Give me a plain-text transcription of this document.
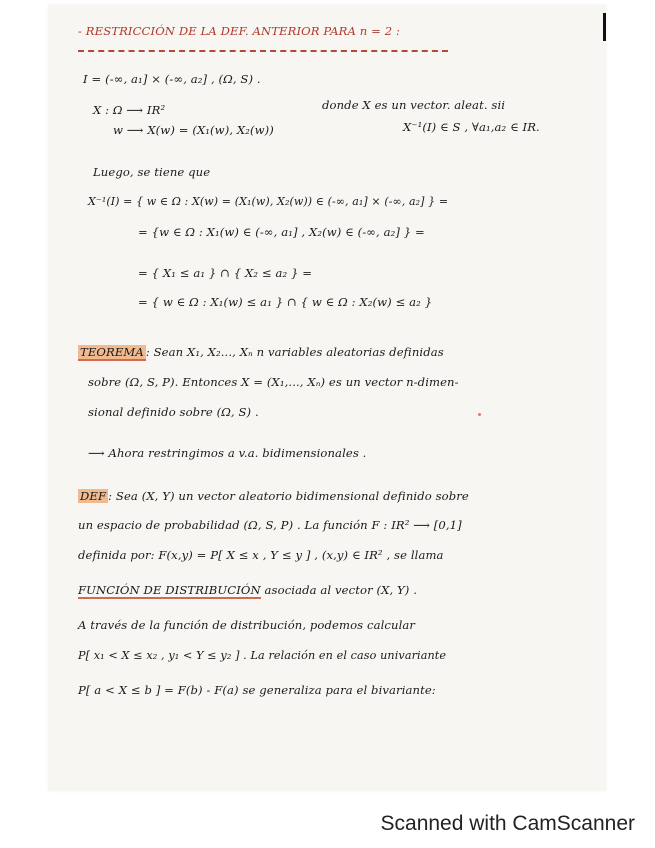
- RESTRICCIÓN DE LA DEF. ANTERIOR PARA n = 2 :
I = (-∞, a₁] × (-∞, a₂] , (Ω, S) .
X : Ω ⟶ IR²	donde X es un vector. aleat. sii
w ⟶ X(w) = (X₁(w), X₂(w))	X⁻¹(I) ∈ S , ∀a₁,a₂ ∈ IR.
Luego, se tiene que
X⁻¹(I) = { w ∈ Ω : X(w) = (X₁(w), X₂(w)) ∈ (-∞, a₁] × (-∞, a₂] } =
= {w ∈ Ω : X₁(w) ∈ (-∞, a₁] , X₂(w) ∈ (-∞, a₂] } =
= { X₁ ≤ a₁ } ∩ { X₂ ≤ a₂ } =
= { w ∈ Ω : X₁(w) ≤ a₁ } ∩ { w ∈ Ω : X₂(w) ≤ a₂ }
TEOREMA : Sean X₁, X₂..., Xₙ n variables aleatorias definidas
sobre (Ω, S, P). Entonces X = (X₁,..., Xₙ) es un vector n-dimen-
sional definido sobre (Ω, S) .
⟶ Ahora restringimos a v.a. bidimensionales .
DEF : Sea (X, Y) un vector aleatorio bidimensional definido sobre
un espacio de probabilidad (Ω, S, P) . La función F : IR² ⟶ [0,1]
definida por: F(x,y) = P[ X ≤ x , Y ≤ y ] , (x,y) ∈ IR² , se llama
FUNCIÓN DE DISTRIBUCIÓN asociada al vector (X, Y) .
A través de la función de distribución, podemos calcular
P[ x₁ < X ≤ x₂ , y₁ < Y ≤ y₂ ] . La relación en el caso univariante
P[ a < X ≤ b ] = F(b) - F(a) se generaliza para el bivariante:
Scanned with CamScanner
